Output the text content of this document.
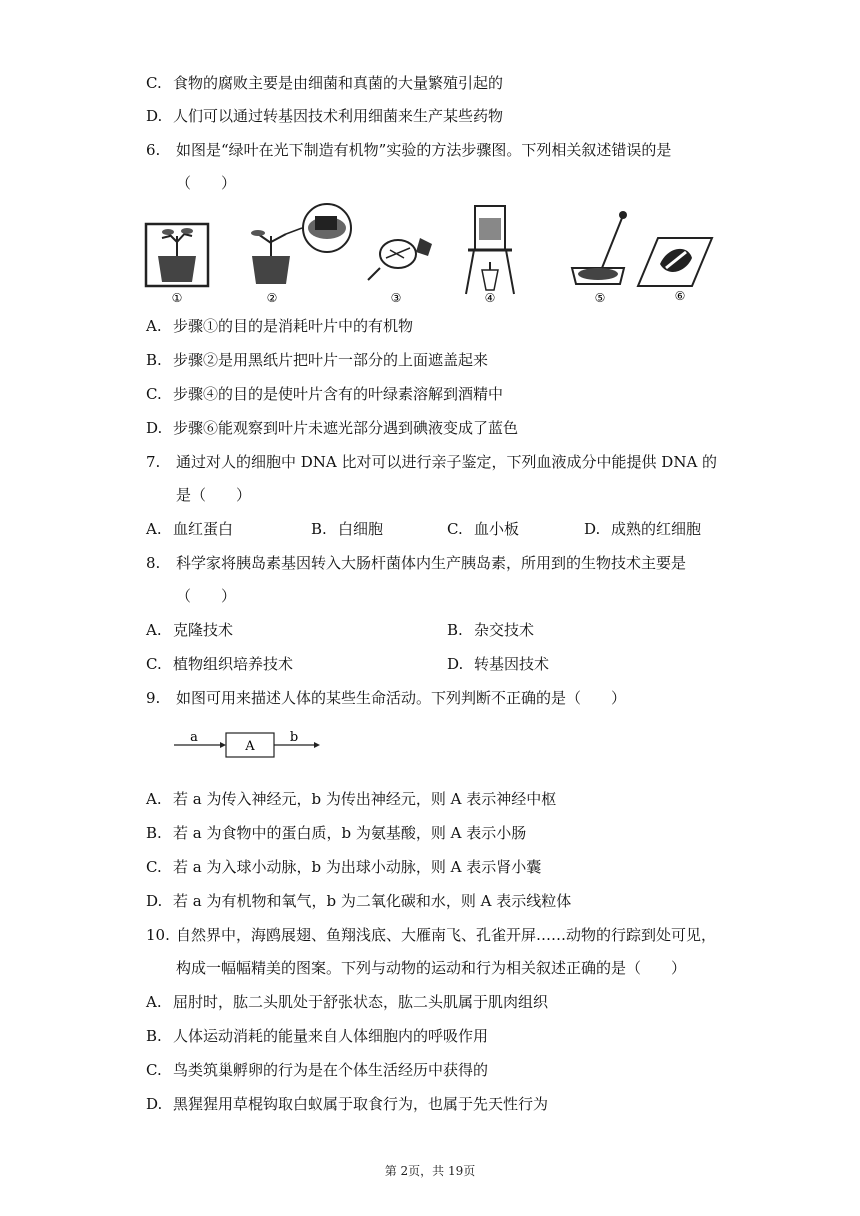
C. 食物的腐败主要是由细菌和真菌的大量繁殖引起的
D. 人们可以通过转基因技术利用细菌来生产某些药物
6. 如图是“绿叶在光下制造有机物”实验的方法步骤图。下列相关叙述错误的是
（　　）
①	②	③	④	⑤	⑥
A. 步骤①的目的是消耗叶片中的有机物
B. 步骤②是用黑纸片把叶片一部分的上面遮盖起来
C. 步骤④的目的是使叶片含有的叶绿素溶解到酒精中
D. 步骤⑥能观察到叶片未遮光部分遇到碘液变成了蓝色
7. 通过对人的细胞中 DNA 比对可以进行亲子鉴定，下列血液成分中能提供 DNA 的
是（　　）
A. 血红蛋白	B. 白细胞	C. 血小板	D. 成熟的红细胞
8. 科学家将胰岛素基因转入大肠杆菌体内生产胰岛素，所用到的生物技术主要是
（　　）
A. 克隆技术	B. 杂交技术
C. 植物组织培养技术	D. 转基因技术
9. 如图可用来描述人体的某些生命活动。下列判断不正确的是（　　）
a
A
b
A. 若 a 为传入神经元，b 为传出神经元，则 A 表示神经中枢
B. 若 a 为食物中的蛋白质，b 为氨基酸，则 A 表示小肠
C. 若 a 为入球小动脉，b 为出球小动脉，则 A 表示肾小囊
D. 若 a 为有机物和氧气，b 为二氧化碳和水，则 A 表示线粒体
10. 自然界中，海鸥展翅、鱼翔浅底、大雁南飞、孔雀开屏……动物的行踪到处可见，
构成一幅幅精美的图案。下列与动物的运动和行为相关叙述正确的是（　　）
A. 屈肘时，肱二头肌处于舒张状态，肱二头肌属于肌肉组织
B. 人体运动消耗的能量来自人体细胞内的呼吸作用
C. 鸟类筑巢孵卵的行为是在个体生活经历中获得的
D. 黑猩猩用草棍钩取白蚁属于取食行为，也属于先天性行为
第 2页，共 19页
